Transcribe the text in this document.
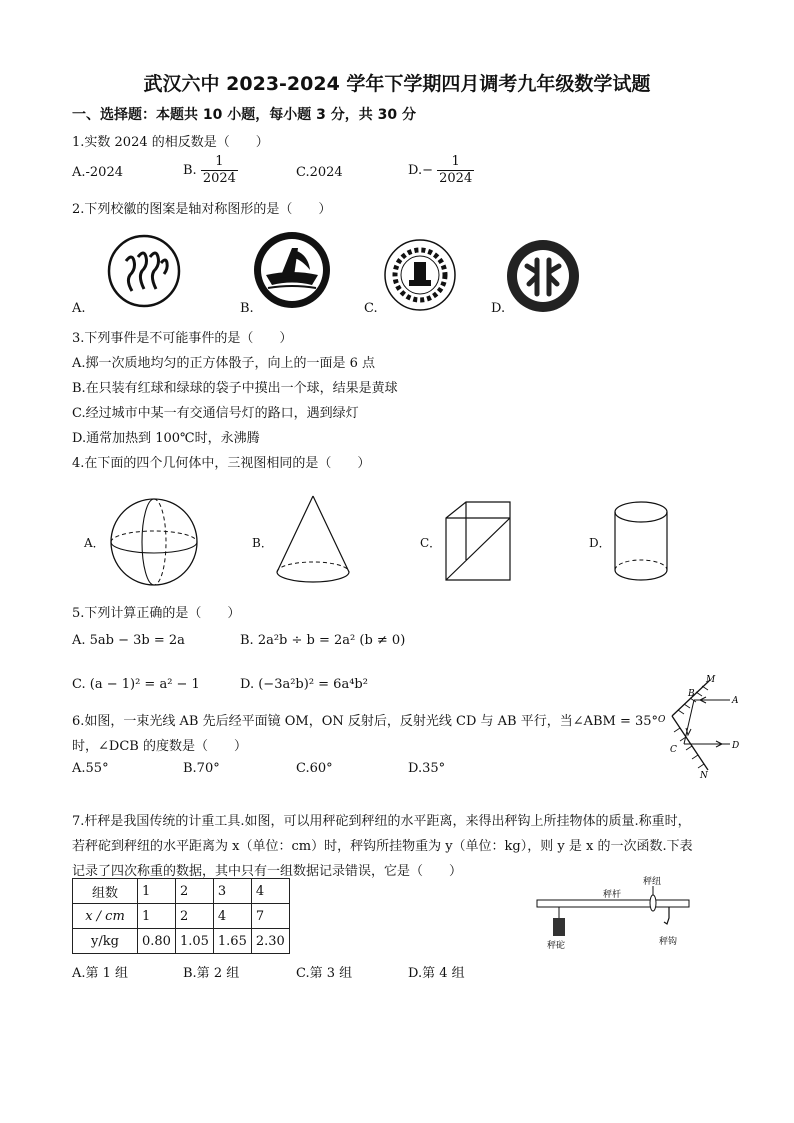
武汉六中 2023-2024 学年下学期四月调考九年级数学试题
一、选择题：本题共 10 小题，每小题 3 分，共 30 分
1.实数 2024 的相反数是（　　）
A.-2024	B. $\frac{1}{2024}$	C.2024	$D.- \frac{1}{2024}$
2.下列校徽的图案是轴对称图形的是（　　）
A.	B.	C.	D.
3.下列事件是不可能事件的是（　　）
A.掷一次质地均匀的正方体骰子，向上的一面是 6 点
B.在只装有红球和绿球的袋子中摸出一个球，结果是黄球
C.经过城市中某一有交通信号灯的路口，遇到绿灯
D.通常加热到 100℃时，永沸腾
4.在下面的四个几何体中，三视图相同的是（　　）
A．	B．	C．	D．
5.下列计算正确的是（　　）
A. 5ab − 3b = 2a	B. 2a²b ÷ b = 2a² (b ≠ 0)
C. (a − 1)² = a² − 1	D. (−3a²b)² = 6a⁴b²
6.如图，一束光线 AB 先后经平面镜 OM，ON 反射后，反射光线 CD 与 AB 平行，当∠ABM = 35°
时，∠DCB 的度数是（　　）
A.55°	B.70°	C.60°	D.35°
M
A
B
O
C	D
N
7.杆秤是我国传统的计重工具.如图，可以用秤砣到秤纽的水平距离，来得出秤钩上所挂物体的质量.称重时，
若秤砣到秤纽的水平距离为 x（单位：cm）时，秤钩所挂物重为 y（单位：kg），则 y 是 x 的一次函数.下表
记录了四次称重的数据，其中只有一组数据记录错误，它是（　　）
组数	1	2	3	4
x / cm	1	2	4	7
y/kg	0.80	1.05	1.65	2.30
A.第 1 组	B.第 2 组	C.第 3 组	D.第 4 组
秤纽
秤杆
秤砣	秤钩
